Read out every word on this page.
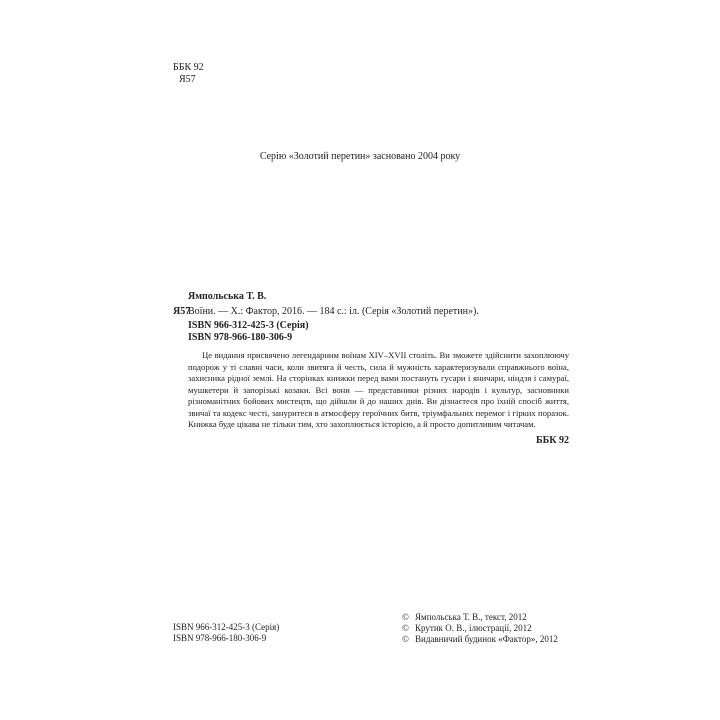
ББК 92
Я57
Серію «Золотий перетин» засновано 2004 року
Ямпольська Т. В.
Я57
Воїни. — Х.: Фактор, 2016. — 184 с.: іл. (Серія «Золотий перетин»).
ISBN 966-312-425-3 (Серія)
ISBN 978-966-180-306-9

Це видання присвячено легендарним воїнам XIV–XVII століть. Ви зможете здійснити захоплюючу подорож у ті славні часи, коли звитяга й честь, сила й мужність характеризували справжнього воїна, захисника рідної землі. На сторінках книжки перед вами постануть гусари і яничари, ніндзя і самураї, мушкетери й запорізькі козаки. Всі вони — представники різних народів і культур, засновники різноманітних бойових мистецтв, що дійшли й до наших днів. Ви дізнаєтеся про їхній спосіб життя, звичаї та кодекс честі, зануритеся в атмосферу героїчних битв, тріумфальних перемог і гірких поразок. Книжка буде цікава не тільки тим, хто захоплюється історією, а й просто допитливим читачам.

ББК 92
ISBN 966-312-425-3 (Серія)
ISBN 978-966-180-306-9
© Ямпольська Т. В., текст, 2012
© Крутик О. В., ілюстрації, 2012
© Видавничий будинок «Фактор», 2012
